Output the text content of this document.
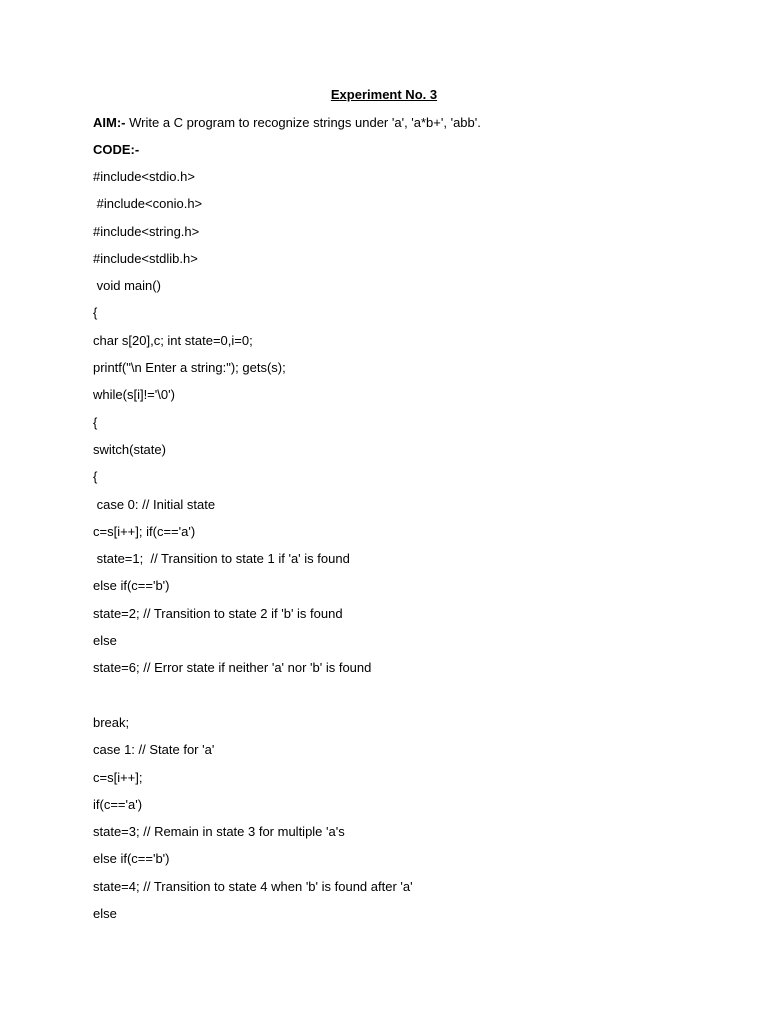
Experiment No. 3
AIM:- Write a C program to recognize strings under 'a', 'a*b+', 'abb'.
CODE:-
#include<stdio.h>
#include<conio.h>
#include<string.h>
#include<stdlib.h>
void main()
{
char s[20],c; int state=0,i=0;
printf("\n Enter a string:"); gets(s);
while(s[i]!='\0')
{
switch(state)
{
case 0: // Initial state
c=s[i++]; if(c=='a')
state=1;  // Transition to state 1 if 'a' is found
else if(c=='b')
state=2; // Transition to state 2 if 'b' is found
else
state=6; // Error state if neither 'a' nor 'b' is found
break;
case 1: // State for 'a'
c=s[i++];
if(c=='a')
state=3; // Remain in state 3 for multiple 'a's
else if(c=='b')
state=4; // Transition to state 4 when 'b' is found after 'a'
else
